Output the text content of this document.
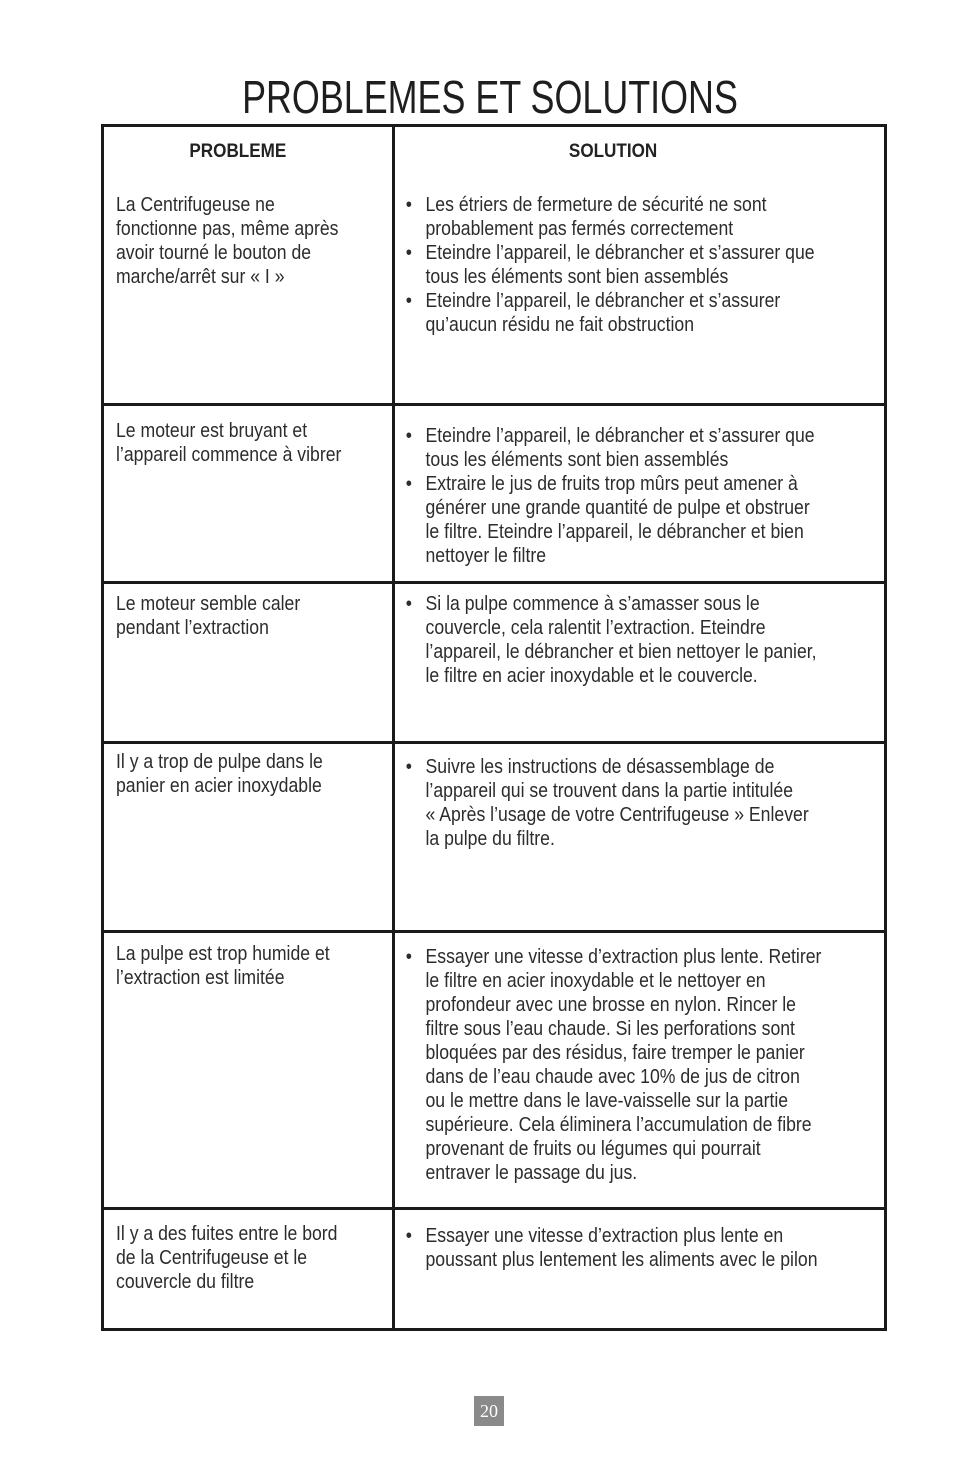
PROBLEMES ET SOLUTIONS
PROBLEME	SOLUTION

La Centrifugeuse ne
fonctionne pas, même après
avoir tourné le bouton de
marche/arrêt sur « I »

• Les étriers de fermeture de sécurité ne sont
probablement pas fermés correctement
• Eteindre l’appareil, le débrancher et s’assurer que
tous les éléments sont bien assemblés
• Eteindre l’appareil, le débrancher et s’assurer
qu’aucun résidu ne fait obstruction

Le moteur est bruyant et
l’appareil commence à vibrer

• Eteindre l’appareil, le débrancher et s’assurer que
tous les éléments sont bien assemblés
• Extraire le jus de fruits trop mûrs peut amener à
générer une grande quantité de pulpe et obstruer
le filtre. Eteindre l’appareil, le débrancher et bien
nettoyer le filtre

Le moteur semble caler
pendant l’extraction

• Si la pulpe commence à s’amasser sous le
couvercle, cela ralentit l’extraction. Eteindre
l’appareil, le débrancher et bien nettoyer le panier,
le filtre en acier inoxydable et le couvercle.

Il y a trop de pulpe dans le
panier en acier inoxydable

• Suivre les instructions de désassemblage de
l’appareil qui se trouvent dans la partie intitulée
« Après l’usage de votre Centrifugeuse » Enlever
la pulpe du filtre.

La pulpe est trop humide et
l’extraction est limitée

• Essayer une vitesse d’extraction plus lente. Retirer
le filtre en acier inoxydable et le nettoyer en
profondeur avec une brosse en nylon. Rincer le
filtre sous l’eau chaude. Si les perforations sont
bloquées par des résidus, faire tremper le panier
dans de l’eau chaude avec 10% de jus de citron
ou le mettre dans le lave-vaisselle sur la partie
supérieure. Cela éliminera l’accumulation de fibre
provenant de fruits ou légumes qui pourrait
entraver le passage du jus.

Il y a des fuites entre le bord
de la Centrifugeuse et le
couvercle du filtre

• Essayer une vitesse d’extraction plus lente en
poussant plus lentement les aliments avec le pilon
20
